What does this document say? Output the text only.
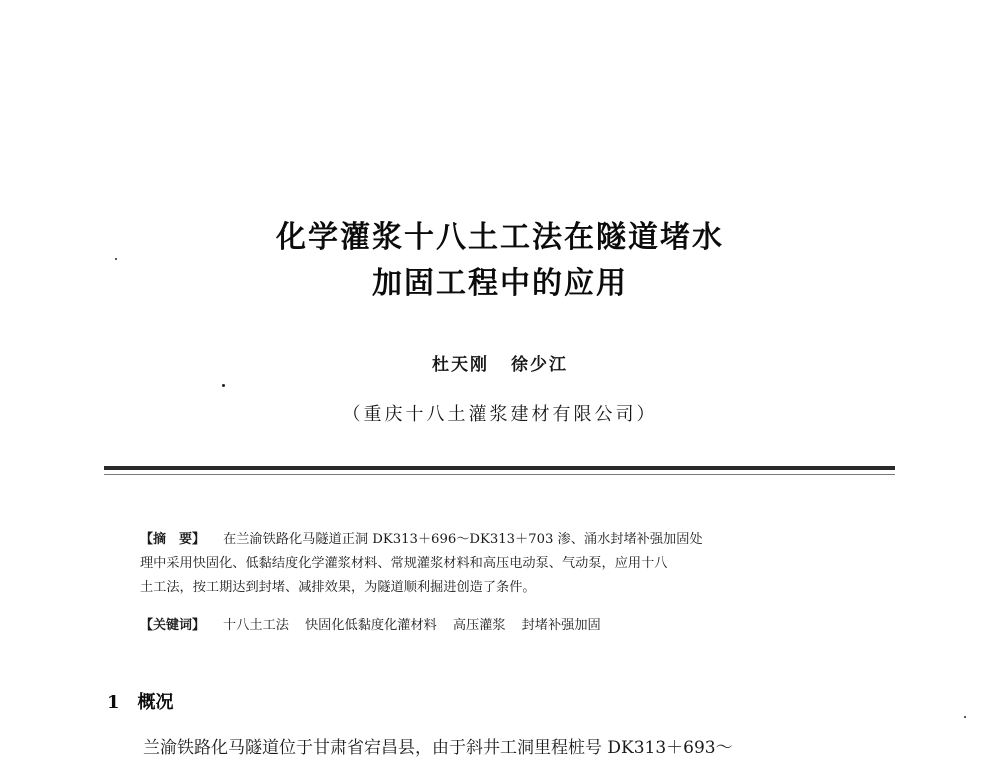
化学灌浆十八土工法在隧道堵水
加固工程中的应用
杜天刚 徐少江
（重庆十八土灌浆建材有限公司）

【摘　要】 在兰渝铁路化马隧道正洞 DK313＋696～DK313＋703 渗、涌水封堵补强加固处

理中采用快固化、低黏结度化学灌浆材料、常规灌浆材料和高压电动泵、气动泵，应用十八

土工法，按工期达到封堵、减排效果，为隧道顺利掘进创造了条件。

【关键词】 十八土工法 快固化低黏度化灌材料 高压灌浆 封堵补强加固
1 概况
兰渝铁路化马隧道位于甘肃省宕昌县，由于斜井工洞里程桩号 DK313＋693～
